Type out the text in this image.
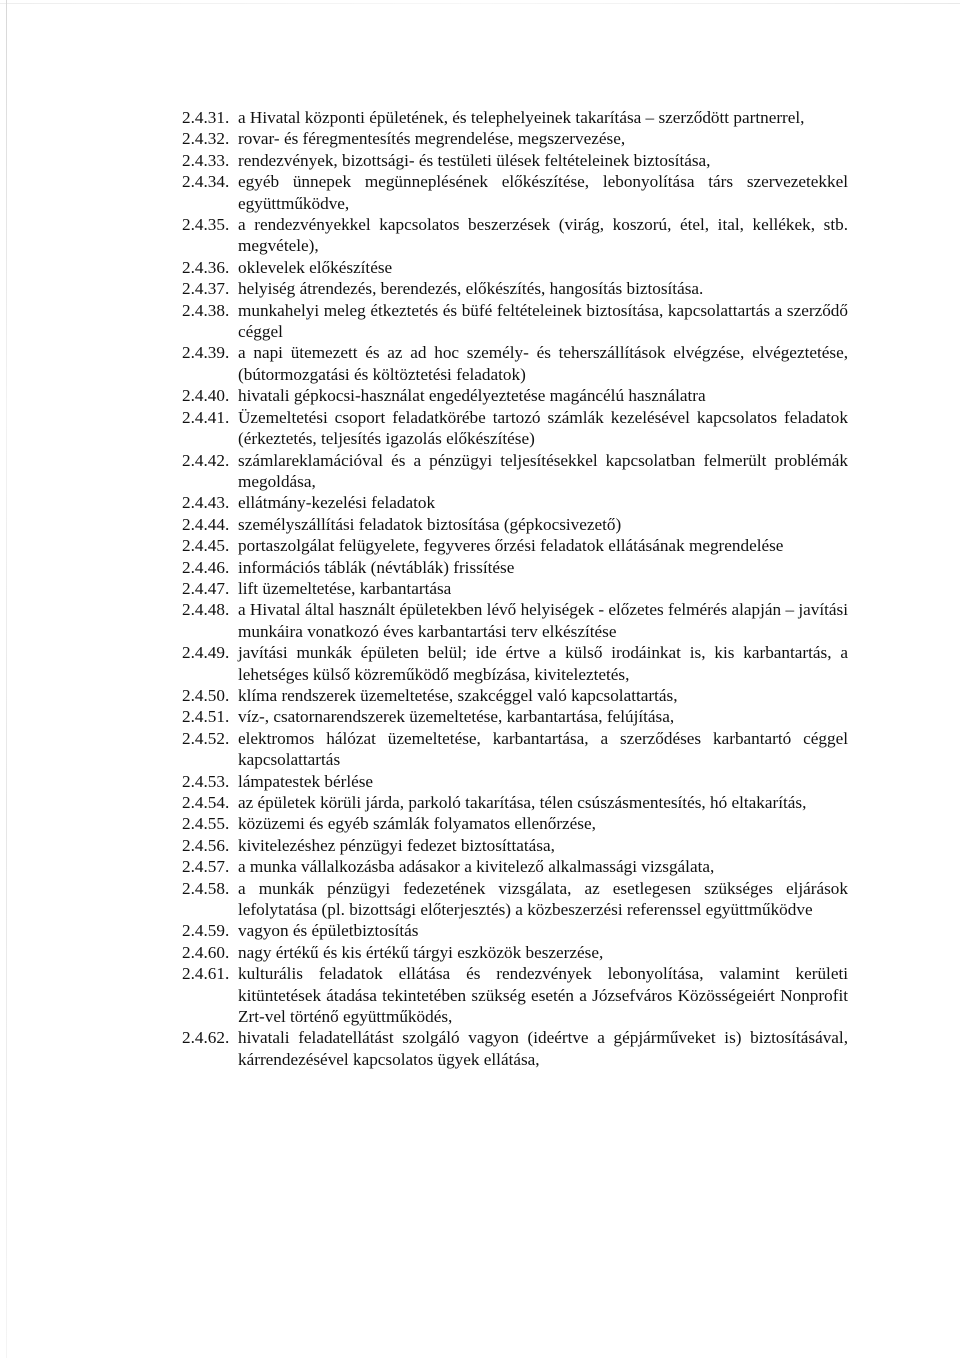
2.4.31. a Hivatal központi épületének, és telephelyeinek takarítása – szerződött partnerrel,
2.4.32. rovar- és féregmentesítés megrendelése, megszervezése,
2.4.33. rendezvények, bizottsági- és testületi ülések feltételeinek biztosítása,
2.4.34. egyéb ünnepek megünneplésének előkészítése, lebonyolítása társ szervezetekkel együttműködve,
2.4.35. a rendezvényekkel kapcsolatos beszerzések (virág, koszorú, étel, ital, kellékek, stb. megvétele),
2.4.36. oklevelek előkészítése
2.4.37. helyiség átrendezés, berendezés, előkészítés, hangosítás biztosítása.
2.4.38. munkahelyi meleg étkeztetés és büfé feltételeinek biztosítása, kapcsolattartás a szerződő céggel
2.4.39. a napi ütemezett és az ad hoc személy- és teherszállítások elvégzése, elvégeztetése, (bútormozgatási és költöztetési feladatok)
2.4.40. hivatali gépkocsi-használat engedélyeztetése magáncélú használatra
2.4.41. Üzemeltetési csoport feladatkörébe tartozó számlák kezelésével kapcsolatos feladatok (érkeztetés, teljesítés igazolás előkészítése)
2.4.42. számlareklamációval és a pénzügyi teljesítésekkel kapcsolatban felmerült problémák megoldása,
2.4.43. ellátmány-kezelési feladatok
2.4.44. személyszállítási feladatok biztosítása (gépkocsivezető)
2.4.45. portaszolgálat felügyelete, fegyveres őrzési feladatok ellátásának megrendelése
2.4.46. információs táblák (névtáblák) frissítése
2.4.47. lift üzemeltetése, karbantartása
2.4.48. a Hivatal által használt épületekben lévő helyiségek - előzetes felmérés alapján – javítási munkáira vonatkozó éves karbantartási terv elkészítése
2.4.49. javítási munkák épületen belül; ide értve a külső irodáinkat is, kis karbantartás, a lehetséges külső közreműködő megbízása, kiviteleztetés,
2.4.50. klíma rendszerek üzemeltetése, szakcéggel való kapcsolattartás,
2.4.51. víz-, csatornarendszerek üzemeltetése, karbantartása, felújítása,
2.4.52. elektromos hálózat üzemeltetése, karbantartása, a szerződéses karbantartó céggel kapcsolattartás
2.4.53. lámpatestek bérlése
2.4.54. az épületek körüli járda, parkoló takarítása, télen csúszásmentesítés, hó eltakarítás,
2.4.55. közüzemi és egyéb számlák folyamatos ellenőrzése,
2.4.56. kivitelezéshez pénzügyi fedezet biztosíttatása,
2.4.57. a munka vállalkozásba adásakor a kivitelező alkalmassági vizsgálata,
2.4.58. a munkák pénzügyi fedezetének vizsgálata, az esetlegesen szükséges eljárások lefolytatása (pl. bizottsági előterjesztés) a közbeszerzési referenssel együttműködve
2.4.59. vagyon és épületbiztosítás
2.4.60. nagy értékű és kis értékű tárgyi eszközök beszerzése,
2.4.61. kulturális feladatok ellátása és rendezvények lebonyolítása, valamint kerületi kitüntetések átadása tekintetében szükség esetén a Józsefváros Közösségeiért Nonprofit Zrt-vel történő együttműködés,
2.4.62. hivatali feladatellátást szolgáló vagyon (ideértve a gépjárműveket is) biztosításával, kárrendezésével kapcsolatos ügyek ellátása,
